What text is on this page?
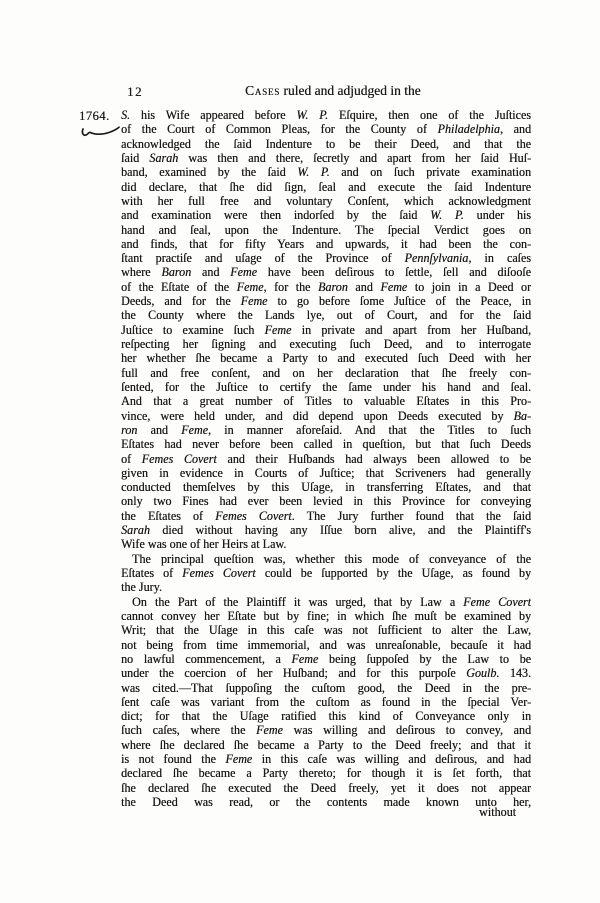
12	Cases ruled and adjudged in the
1764. S. his Wife appeared before W. P. Eſquire, then one of the Juſtices
of the Court of Common Pleas, for the County of Philadelphia, and
acknowledged the ſaid Indenture to be their Deed, and that the
ſaid Sarah was then and there, ſecretly and apart from her ſaid Huſ-
band, examined by the ſaid W. P. and on ſuch private examination
did declare, that ſhe did ſign, ſeal and execute the ſaid Indenture
with her full free and voluntary Conſent, which acknowledgment
and examination were then indorſed by the ſaid W. P. under his
hand and ſeal, upon the Indenture. The ſpecial Verdict goes on
and finds, that for fifty Years and upwards, it had been the con-
ſtant practiſe and uſage of the Province of Pennſylvania, in caſes
where Baron and Feme have been deſirous to ſettle, ſell and diſooſe
of the Eſtate of the Feme, for the Baron and Feme to join in a Deed or
Deeds, and for the Feme to go before ſome Juſtice of the Peace, in
the County where the Lands lye, out of Court, and for the ſaid
Juſtice to examine ſuch Feme in private and apart from her Huſband,
reſpecting her ſigning and executing ſuch Deed, and to interrogate
her whether ſhe became a Party to and executed ſuch Deed with her
full and free conſent, and on her declaration that ſhe freely con-
ſented, for the Juſtice to certify the ſame under his hand and ſeal.
And that a great number of Titles to valuable Eſtates in this Pro-
vince, were held under, and did depend upon Deeds executed by Ba-
ron and Feme, in manner aforeſaid. And that the Titles to ſuch
Eſtates had never before been called in queſtion, but that ſuch Deeds
of Femes Covert and their Huſbands had always been allowed to be
given in evidence in Courts of Juſtice; that Scriveners had generally
conducted themſelves by this Uſage, in transferring Eſtates, and that
only two Fines had ever been levied in this Province for conveying
the Eſtates of Femes Covert. The Jury further found that the ſaid
Sarah died without having any Iſſue born alive, and the Plaintiff's
Wife was one of her Heirs at Law.
The principal queſtion was, whether this mode of conveyance of the
Eſtates of Femes Covert could be ſupported by the Uſage, as found by
the Jury.
On the Part of the Plaintiff it was urged, that by Law a Feme Covert
cannot convey her Eſtate but by fine; in which ſhe muſt be examined by
Writ; that the Uſage in this caſe was not ſufficient to alter the Law,
not being from time immemorial, and was unreaſonable, becauſe it had
no lawful commencement, a Feme being ſuppoſed by the Law to be
under the coercion of her Huſband; and for this purpoſe Goulb. 143.
was cited.—That ſuppoſing the cuſtom good, the Deed in the pre-
ſent caſe was variant from the cuſtom as found in the ſpecial Ver-
dict; for that the Uſage ratified this kind of Conveyance only in
ſuch caſes, where the Feme was willing and deſirous to convey, and
where ſhe declared ſhe became a Party to the Deed freely; and that it
is not found the Feme in this caſe was willing and deſirous, and had
declared ſhe became a Party thereto; for though it is ſet forth, that
ſhe declared ſhe executed the Deed freely, yet it does not appear
the Deed was read, or the contents made known unto her,
without
